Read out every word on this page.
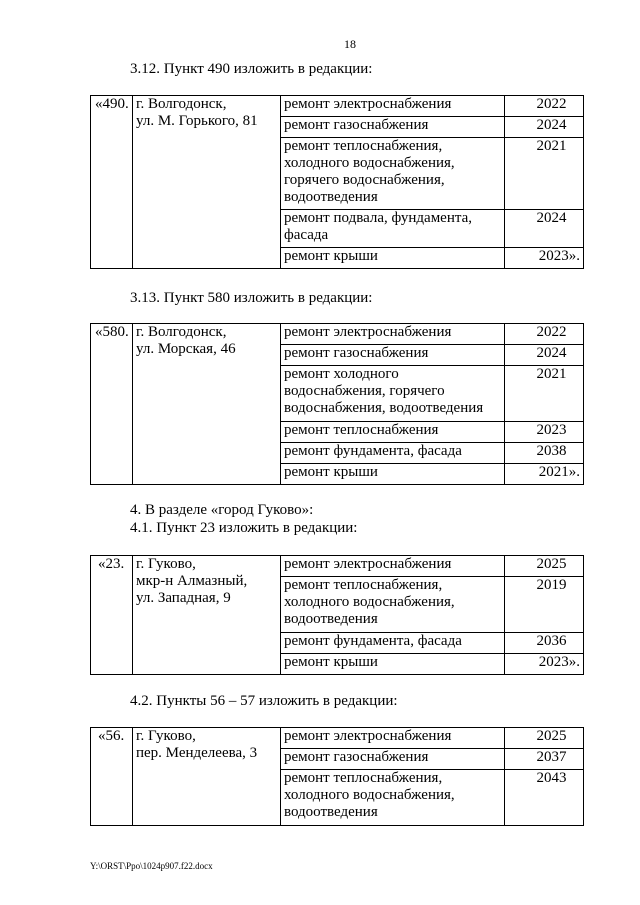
18
3.12. Пункт 490 изложить в редакции:
«490.	г. Волгодонск,
ул. М. Горького, 81	ремонт электроснабжения	2022

		ремонт газоснабжения	2024

		ремонт теплоснабжения,
холодного водоснабжения,
горячего водоснабжения,
водоотведения	2021

		ремонт подвала, фундамента,
фасада	2024

		ремонт крыши	2023».
3.13. Пункт 580 изложить в редакции:
«580.	г. Волгодонск,
ул. Морская, 46	ремонт электроснабжения	2022

		ремонт газоснабжения	2024

		ремонт холодного
водоснабжения, горячего
водоснабжения, водоотведения	2021

		ремонт теплоснабжения	2023

		ремонт фундамента, фасада	2038

		ремонт крыши	2021».
4. В разделе «город Гуково»:
4.1. Пункт 23 изложить в редакции:
«23.	г. Гуково,
мкр-н Алмазный,
ул. Западная, 9	ремонт электроснабжения	2025

		ремонт теплоснабжения,
холодного водоснабжения,
водоотведения	2019

		ремонт фундамента, фасада	2036

		ремонт крыши	2023».
4.2. Пункты 56 – 57 изложить в редакции:
«56.	г. Гуково,
пер. Менделеева, 3	ремонт электроснабжения	2025

		ремонт газоснабжения	2037

		ремонт теплоснабжения,
холодного водоснабжения,
водоотведения	2043
Y:\ORST\Ppo\1024p907.f22.docx
